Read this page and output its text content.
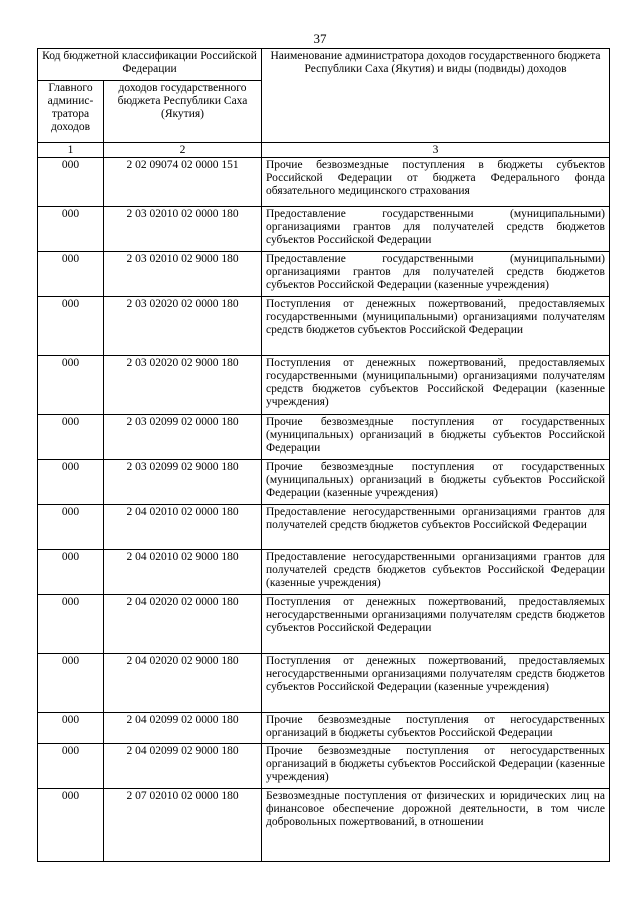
37
Код бюджетной классификации Российской Федерации		Наименование администратора доходов государственного бюджета Республики Саха (Якутия) и виды (подвиды) доходов
Главного админис-тратора доходов	доходов государственного бюджета Республики Саха (Якутия)	
1	2	3
000	2 02 09074 02 0000 151	Прочие безвозмездные поступления в бюджеты субъектов Российской Федерации от бюджета Федерального фонда обязательного медицинского страхования
000	2 03 02010 02 0000 180	Предоставление государственными (муниципальными) организациями грантов для получателей средств бюджетов субъектов Российской Федерации
000	2 03 02010 02 9000 180	Предоставление государственными (муниципальными) организациями грантов для получателей средств бюджетов субъектов Российской Федерации (казенные учреждения)
000	2 03 02020 02 0000 180	Поступления от денежных пожертвований, предоставляемых государственными (муниципальными) организациями получателям средств бюджетов субъектов Российской Федерации
000	2 03 02020 02 9000 180	Поступления от денежных пожертвований, предоставляемых государственными (муниципальными) организациями получателям средств бюджетов субъектов Российской Федерации (казенные учреждения)
000	2 03 02099 02 0000 180	Прочие безвозмездные поступления от государственных (муниципальных) организаций в бюджеты субъектов Российской Федерации
000	2 03 02099 02 9000 180	Прочие безвозмездные поступления от государственных (муниципальных) организаций в бюджеты субъектов Российской Федерации (казенные учреждения)
000	2 04 02010 02 0000 180	Предоставление негосударственными организациями грантов для получателей средств бюджетов субъектов Российской Федерации
000	2 04 02010 02 9000 180	Предоставление негосударственными организациями грантов для получателей средств бюджетов субъектов Российской Федерации (казенные учреждения)
000	2 04 02020 02 0000 180	Поступления от денежных пожертвований, предоставляемых негосударственными организациями получателям средств бюджетов субъектов Российской Федерации
000	2 04 02020 02 9000 180	Поступления от денежных пожертвований, предоставляемых негосударственными организациями получателям средств бюджетов субъектов Российской Федерации (казенные учреждения)
000	2 04 02099 02 0000 180	Прочие безвозмездные поступления от негосударственных организаций в бюджеты субъектов Российской Федерации
000	2 04 02099 02 9000 180	Прочие безвозмездные поступления от негосударственных организаций в бюджеты субъектов Российской Федерации (казенные учреждения)
000	2 07 02010 02 0000 180	Безвозмездные поступления от физических и юридических лиц на финансовое обеспечение дорожной деятельности, в том числе добровольных пожертвований, в отношении
